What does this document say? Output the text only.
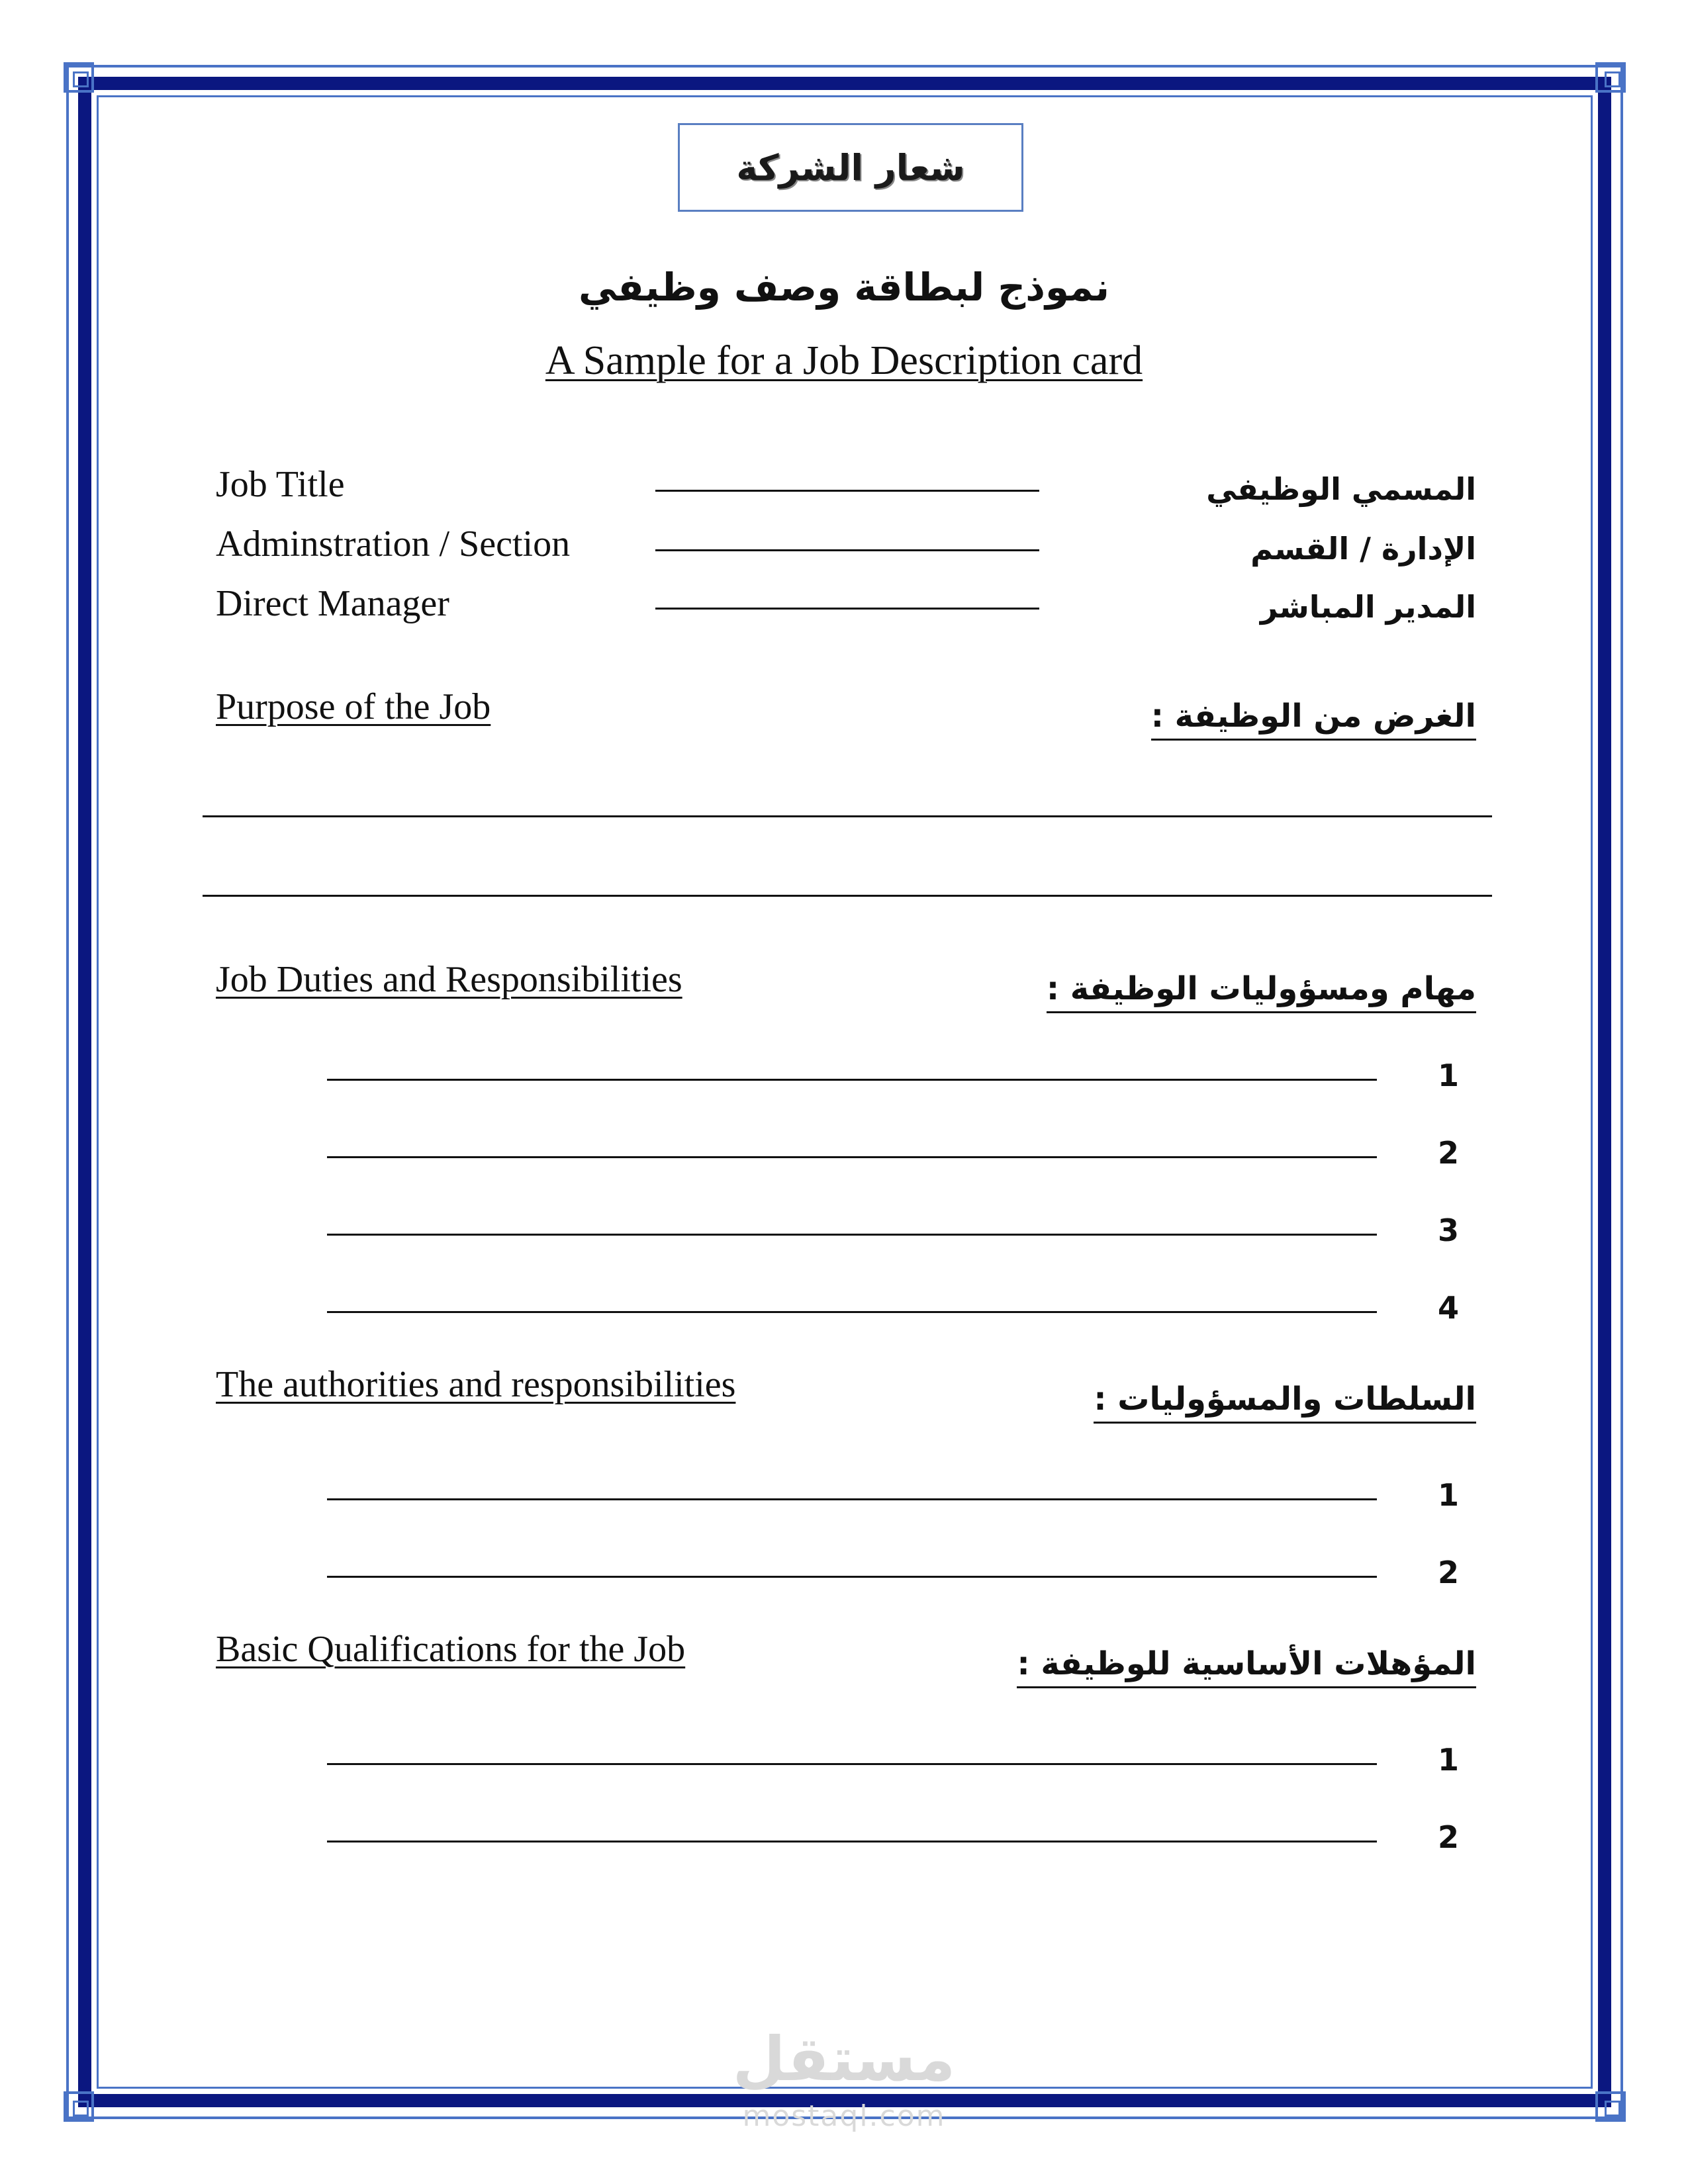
شعار الشركة
نموذج لبطاقة وصف وظيفي
A Sample for a Job Description card
Job Title	المسمي الوظيفي
Adminstration / Section	الإدارة / القسم
Direct Manager	المدير المباشر
Purpose of the Job	الغرض من الوظيفة :
Job Duties and Responsibilities	مهام ومسؤوليات الوظيفة :
1
2
3
4
The authorities and responsibilities	السلطات والمسؤوليات :
1
2
Basic Qualifications for the Job	المؤهلات الأساسية للوظيفة :
1
2
مستقل
mostaql.com
